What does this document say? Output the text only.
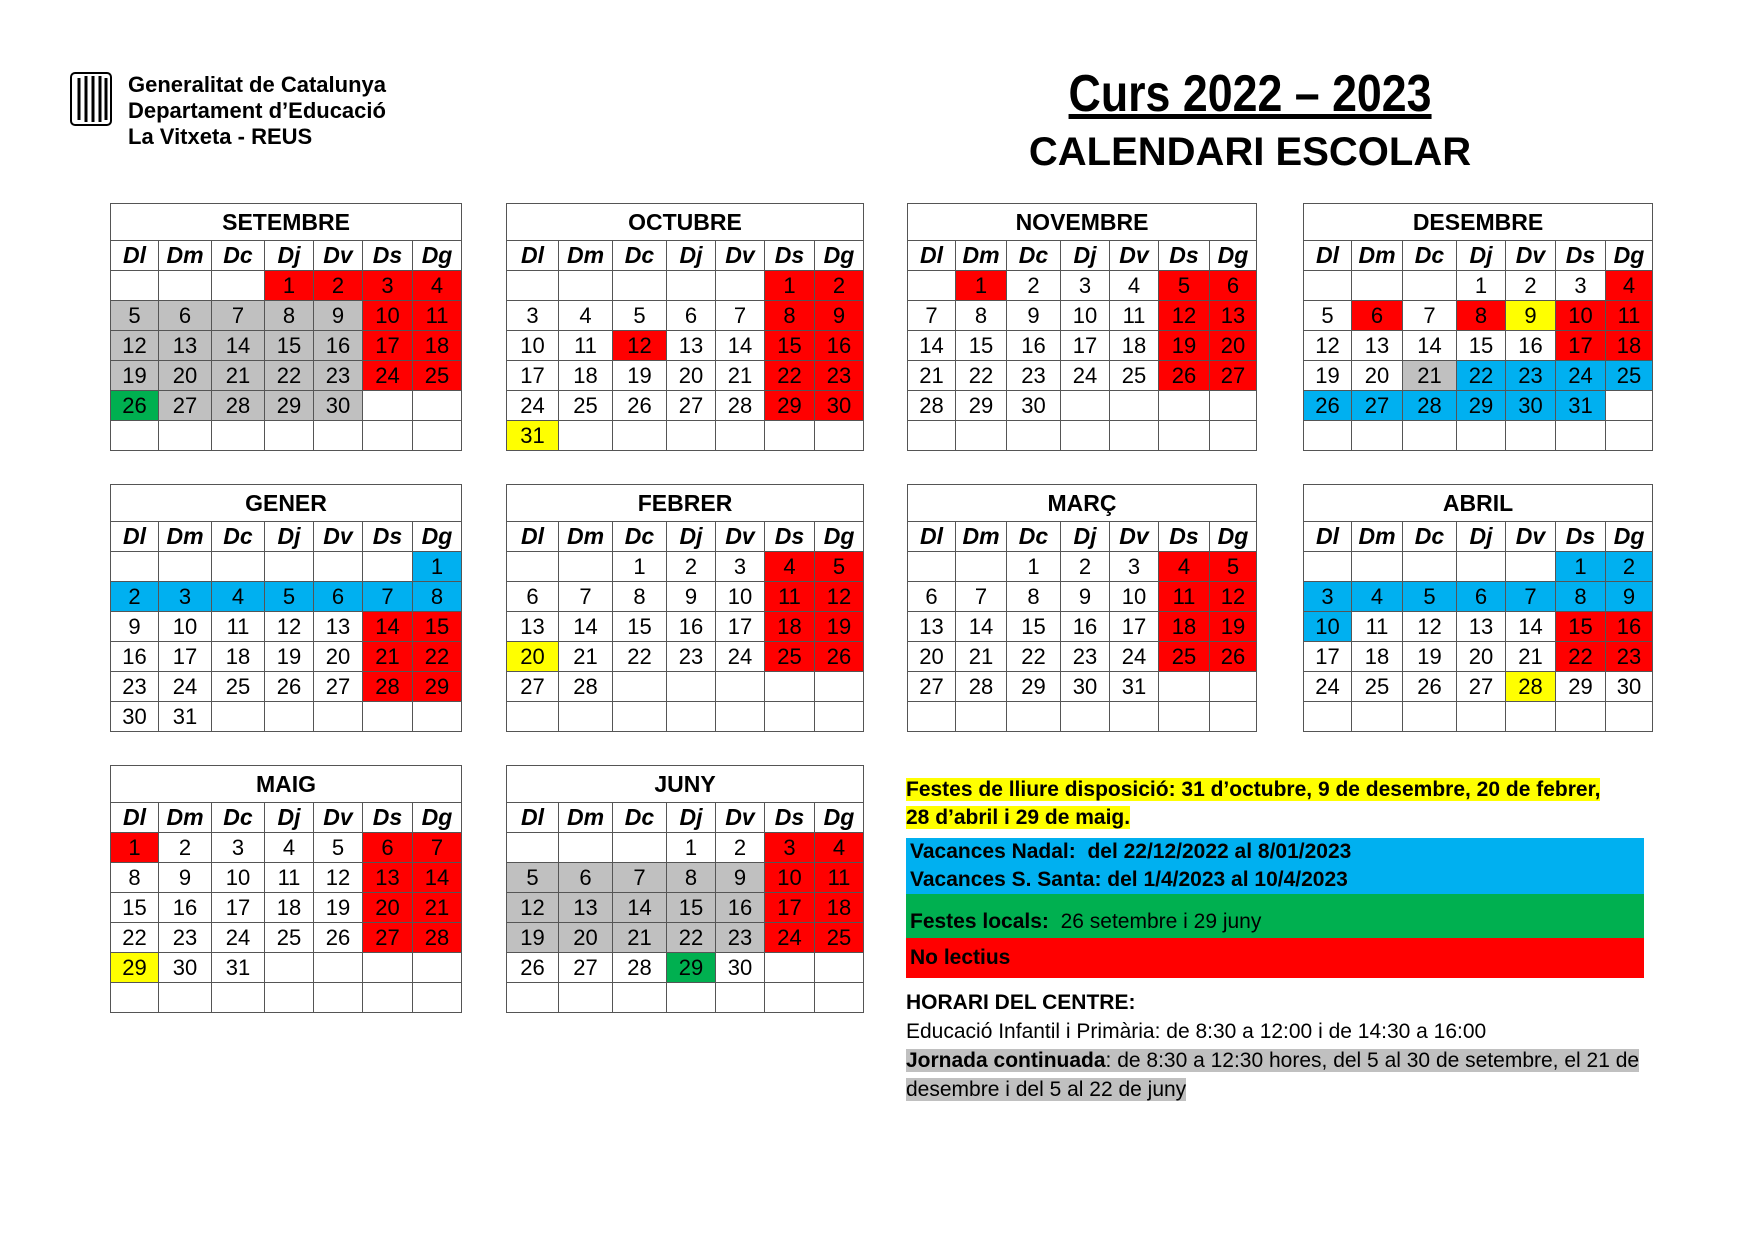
Generalitat de Catalunya
Departament d’Educació
La Vitxeta - REUS
Curs 2022 – 2023
CALENDARI ESCOLAR
SETEMBRE						
Dl	Dm	Dc	Dj	Dv	Ds	Dg
			1	2	3	4
5	6	7	8	9	10	11
12	13	14	15	16	17	18
19	20	21	22	23	24	25
26	27	28	29	30		

OCTUBRE						
Dl	Dm	Dc	Dj	Dv	Ds	Dg
					1	2
3	4	5	6	7	8	9
10	11	12	13	14	15	16
17	18	19	20	21	22	23
24	25	26	27	28	29	30
31						
NOVEMBRE						
Dl	Dm	Dc	Dj	Dv	Ds	Dg
	1	2	3	4	5	6
7	8	9	10	11	12	13
14	15	16	17	18	19	20
21	22	23	24	25	26	27
28	29	30				

DESEMBRE						
Dl	Dm	Dc	Dj	Dv	Ds	Dg
			1	2	3	4
5	6	7	8	9	10	11
12	13	14	15	16	17	18
19	20	21	22	23	24	25
26	27	28	29	30	31	

GENER						
Dl	Dm	Dc	Dj	Dv	Ds	Dg
						1
2	3	4	5	6	7	8
9	10	11	12	13	14	15
16	17	18	19	20	21	22
23	24	25	26	27	28	29
30	31					
FEBRER						
Dl	Dm	Dc	Dj	Dv	Ds	Dg
		1	2	3	4	5
6	7	8	9	10	11	12
13	14	15	16	17	18	19
20	21	22	23	24	25	26
27	28					

MARÇ						
Dl	Dm	Dc	Dj	Dv	Ds	Dg
		1	2	3	4	5
6	7	8	9	10	11	12
13	14	15	16	17	18	19
20	21	22	23	24	25	26
27	28	29	30	31		

ABRIL						
Dl	Dm	Dc	Dj	Dv	Ds	Dg
					1	2
3	4	5	6	7	8	9
10	11	12	13	14	15	16
17	18	19	20	21	22	23
24	25	26	27	28	29	30

MAIG						
Dl	Dm	Dc	Dj	Dv	Ds	Dg
1	2	3	4	5	6	7
8	9	10	11	12	13	14
15	16	17	18	19	20	21
22	23	24	25	26	27	28
29	30	31				

JUNY						
Dl	Dm	Dc	Dj	Dv	Ds	Dg
			1	2	3	4
5	6	7	8	9	10	11
12	13	14	15	16	17	18
19	20	21	22	23	24	25
26	27	28	29	30		

Festes de lliure disposició: 31 d’octubre, 9 de desembre, 20 de febrer, 28 d’abril i 29 de maig.
Vacances Nadal: del 22/12/2022 al 8/01/2023
Vacances S. Santa: del 1/4/2023 al 10/4/2023
Festes locals: 26 setembre i 29 juny
No lectius
HORARI DEL CENTRE:
Educació Infantil i Primària: de 8:30 a 12:00 i de 14:30 a 16:00
Jornada continuada: de 8:30 a 12:30 hores, del 5 al 30 de setembre, el 21 de desembre i del 5 al 22 de juny
